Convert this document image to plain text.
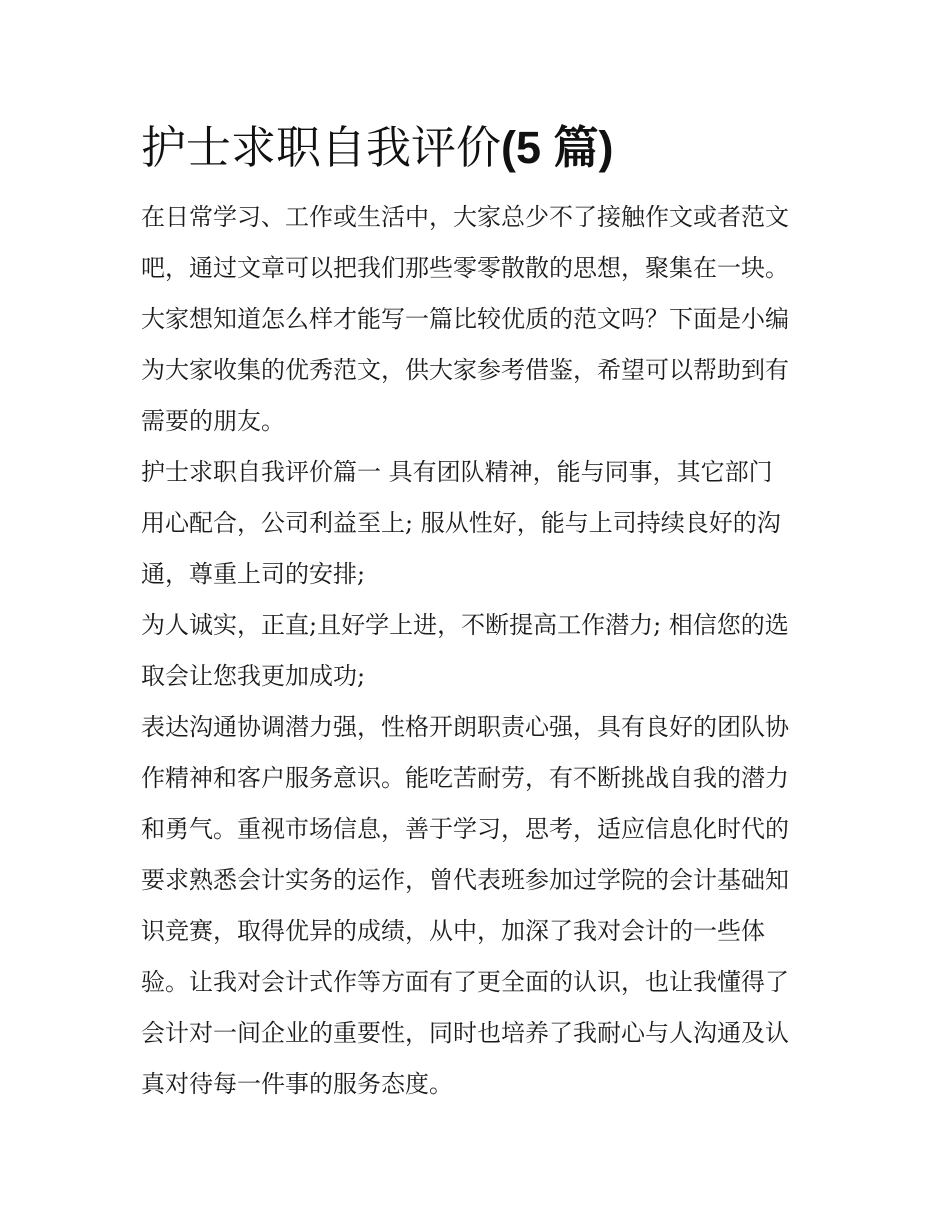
护士求职自我评价(5 篇)

在日常学习、工作或生活中，大家总少不了接触作文或者范文
吧，通过文章可以把我们那些零零散散的思想，聚集在一块。
大家想知道怎么样才能写一篇比较优质的范文吗？下面是小编
为大家收集的优秀范文，供大家参考借鉴，希望可以帮助到有
需要的朋友。

护士求职自我评价篇一 具有团队精神，能与同事，其它部门
用心配合，公司利益至上; 服从性好，能与上司持续良好的沟
通，尊重上司的安排;

为人诚实，正直;且好学上进，不断提高工作潜力; 相信您的选
取会让您我更加成功;

表达沟通协调潜力强，性格开朗职责心强，具有良好的团队协
作精神和客户服务意识。能吃苦耐劳，有不断挑战自我的潜力
和勇气。重视市场信息，善于学习，思考，适应信息化时代的
要求熟悉会计实务的运作，曾代表班参加过学院的会计基础知
识竞赛，取得优异的成绩，从中，加深了我对会计的一些体
验。让我对会计式作等方面有了更全面的认识，也让我懂得了
会计对一间企业的重要性，同时也培养了我耐心与人沟通及认
真对待每一件事的服务态度。
